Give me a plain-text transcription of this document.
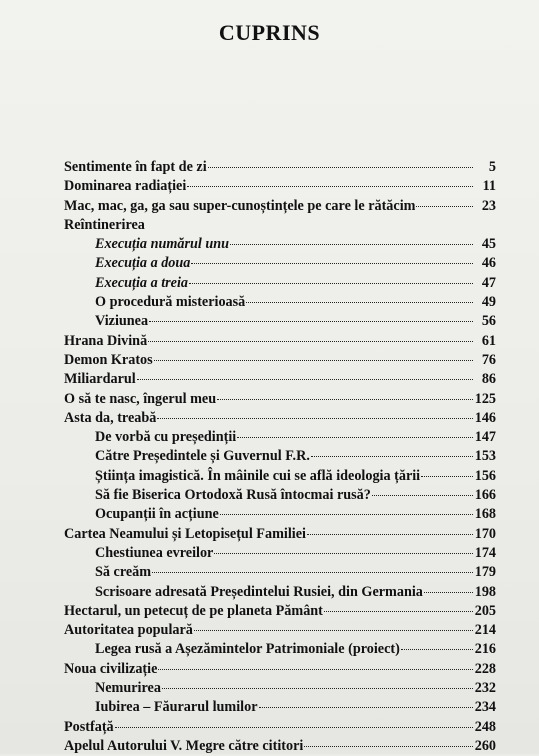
CUPRINS
Sentimente în fapt de zi	5
Dominarea radiației	11
Mac, mac, ga, ga sau super-cunoștințele pe care le rătăcim	23
Reîntinerirea
Execuția numărul unu	45
Execuția a doua	46
Execuția a treia	47
O procedură misterioasă	49
Viziunea	56
Hrana Divină	61
Demon Kratos	76
Miliardarul	86
O să te nasc, îngerul meu	125
Asta da, treabă	146
De vorbă cu președinții	147
Către Președintele și Guvernul F.R.	153
Știința imagistică. În mâinile cui se află ideologia țării	156
Să fie Biserica Ortodoxă Rusă întocmai rusă?	166
Ocupanții în acțiune	168
Cartea Neamului și Letopisețul Familiei	170
Chestiunea evreilor	174
Să creăm	179
Scrisoare adresată Președintelui Rusiei, din Germania	198
Hectarul, un petecuț de pe planeta Pământ	205
Autoritatea populară	214
Legea rusă a Așezămintelor Patrimoniale (proiect)	216
Noua civilizație	228
Nemurirea	232
Iubirea – Făurarul lumilor	234
Postfață	248
Apelul Autorului V. Megre către cititori	260
